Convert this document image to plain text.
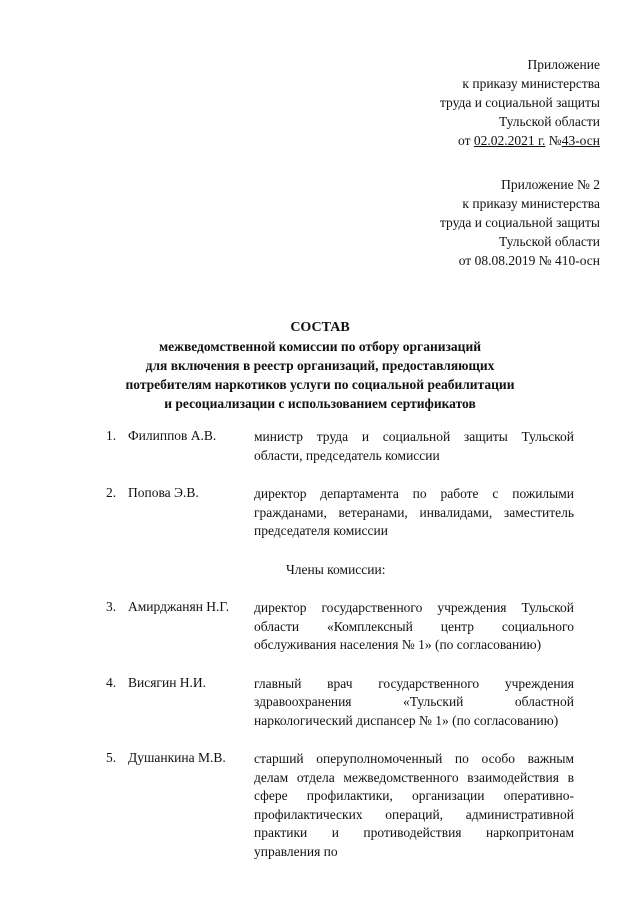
Приложение
к приказу министерства
труда и социальной защиты
Тульской области
от 02.02.2021 г. №43-осн
Приложение № 2
к приказу министерства
труда и социальной защиты
Тульской области
от 08.08.2019 № 410-осн
СОСТАВ
межведомственной комиссии по отбору организаций
для включения в реестр организаций, предоставляющих
потребителям наркотиков услуги по социальной реабилитации
и ресоциализации с использованием сертификатов
1. Филиппов А.В.	министр труда и социальной защиты Тульской области, председатель комиссии
2. Попова Э.В.	директор департамента по работе с пожилыми гражданами, ветеранами, инвалидами, заместитель председателя комиссии
Члены комиссии:
3. Амирджанян Н.Г.	директор государственного учреждения Тульской области «Комплексный центр социального обслуживания населения № 1» (по согласованию)
4. Висягин Н.И.	главный врач государственного учреждения здравоохранения «Тульский областной наркологический диспансер № 1» (по согласованию)
5. Душанкина М.В.	старший оперуполномоченный по особо важным делам отдела межведомственного взаимодействия в сфере профилактики, организации оперативно-профилактических операций, административной практики и противодействия наркопритонам управления по
